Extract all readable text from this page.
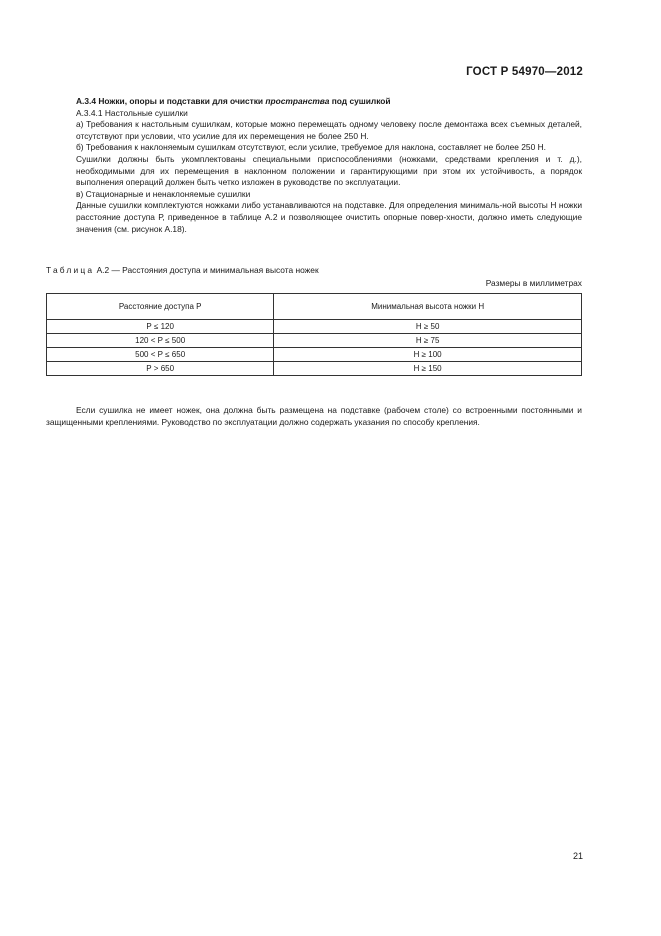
ГОСТ Р 54970—2012

А.3.4 Ножки, опоры и подставки для очистки пространства под сушилкой

А.3.4.1 Настольные сушилки

а) Требования к настольным сушилкам, которые можно перемещать одному человеку после демонтажа всех съемных деталей, отсутствуют при условии, что усилие для их перемещения не более 250 Н.

б) Требования к наклоняемым сушилкам отсутствуют, если усилие, требуемое для наклона, составляет не более 250 Н.

Сушилки должны быть укомплектованы специальными приспособлениями (ножками, средствами крепления и т. д.), необходимыми для их перемещения в наклонном положении и гарантирующими при этом их устойчивость, а порядок выполнения операций должен быть четко изложен в руководстве по эксплуатации.

в) Стационарные и ненаклоняемые сушилки

Данные сушилки комплектуются ножками либо устанавливаются на подставке. Для определения минималь-ной высоты Н ножки расстояние доступа Р, приведенное в таблице А.2 и позволяющее очистить опорные повер-хности, должно иметь следующие значения (см. рисунок А.18).

Таблица А.2 — Расстояния доступа и минимальная высота ножек

Размеры в миллиметрах
Расстояние доступа Р	Минимальная высота ножки Н
Р ≤ 120	Н ≥ 50
120 < Р ≤ 500	Н ≥ 75
500 < Р ≤ 650	Н ≥ 100
Р > 650	Н ≥ 150

Если сушилка не имеет ножек, она должна быть размещена на подставке (рабочем столе) со встроенными постоянными и защищенными креплениями. Руководство по эксплуатации должно содержать указания по способу крепления.

21
